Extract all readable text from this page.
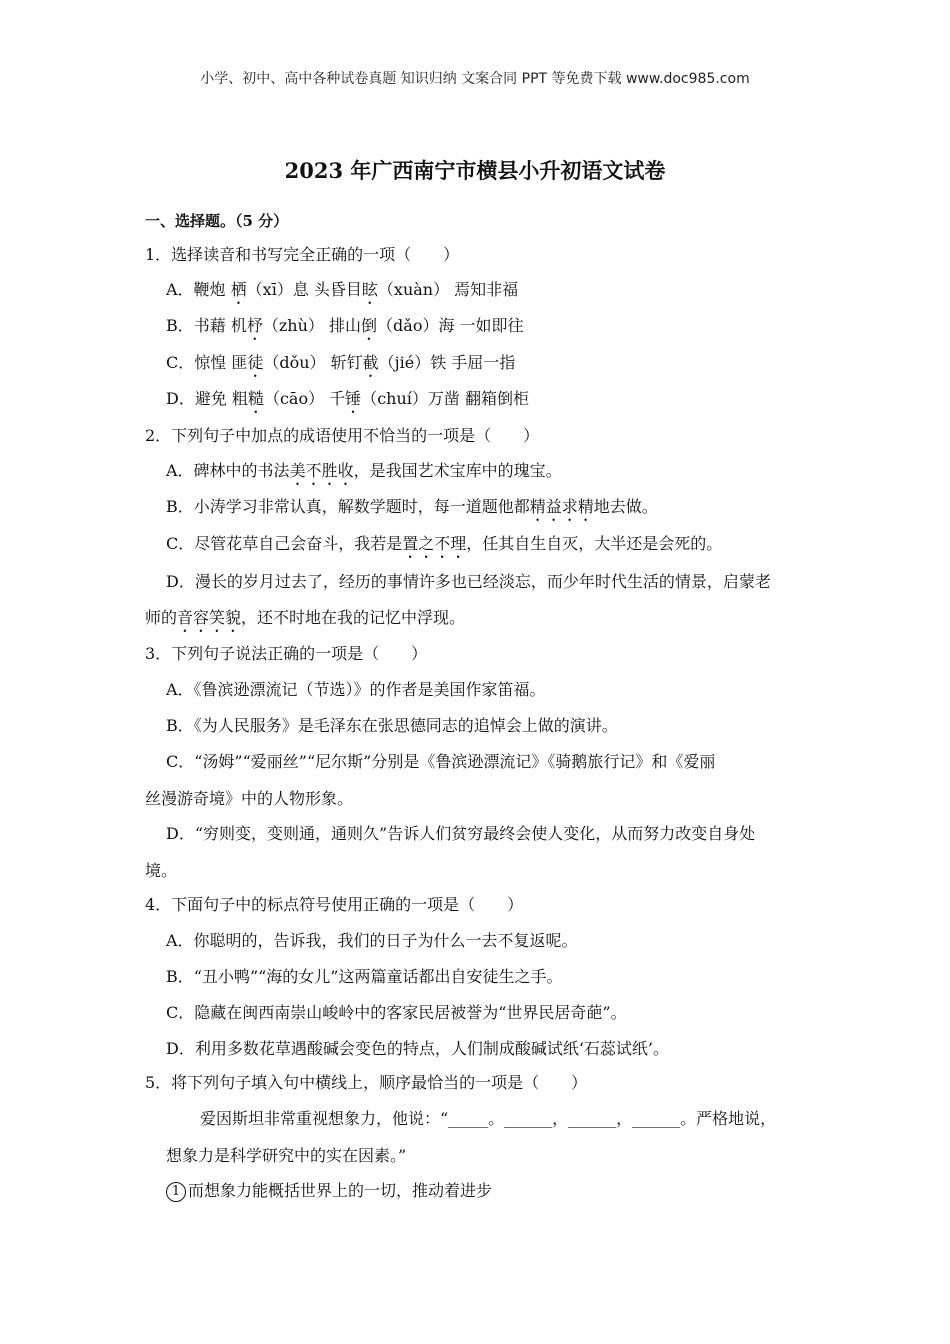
小学、初中、高中各种试卷真题 知识归纳 文案合同 PPT 等免费下载 www.doc985.com
2023 年广西南宁市横县小升初语文试卷
一、选择题。（5 分）
1．选择读音和书写完全正确的一项（　　）
A．鞭炮 栖（xī）息 头昏目眩（xuàn） 焉知非福
B．书藉 机杼（zhù） 排山倒（dǎo）海 一如即往
C．惊惶 匪徒（dǒu） 斩钉截（jié）铁 手屈一指
D．避免 粗糙（cāo） 千锤（chuí）万凿 翻箱倒柜
2．下列句子中加点的成语使用不恰当的一项是（　　）
A．碑林中的书法美不胜收，是我国艺术宝库中的瑰宝。
B．小涛学习非常认真，解数学题时，每一道题他都精益求精地去做。
C．尽管花草自己会奋斗，我若是置之不理，任其自生自灭，大半还是会死的。
D．漫长的岁月过去了，经历的事情许多也已经淡忘，而少年时代生活的情景，启蒙老
师的音容笑貌，还不时地在我的记忆中浮现。
3．下列句子说法正确的一项是（　　）
A．《鲁滨逊漂流记（节选）》的作者是美国作家笛福。
B．《为人民服务》是毛泽东在张思德同志的追悼会上做的演讲。
C．“汤姆”“爱丽丝”“尼尔斯”分别是《鲁滨逊漂流记》《骑鹅旅行记》和《爱丽
丝漫游奇境》中的人物形象。
D．“穷则变，变则通，通则久”告诉人们贫穷最终会使人变化，从而努力改变自身处
境。
4．下面句子中的标点符号使用正确的一项是（　　）
A．你聪明的，告诉我，我们的日子为什么一去不复返呢。
B．“丑小鸭”“海的女儿”这两篇童话都出自安徒生之手。
C．隐藏在闽西南崇山峻岭中的客家民居被誉为“世界民居奇葩”。
D．利用多数花草遇酸碱会变色的特点，人们制成酸碱试纸‘石蕊试纸’。
5．将下列句子填入句中横线上，顺序最恰当的一项是（　　）
爱因斯坦非常重视想象力，他说：“_____。______，______，______。严格地说，
想象力是科学研究中的实在因素。”
1 而想象力能概括世界上的一切，推动着进步
